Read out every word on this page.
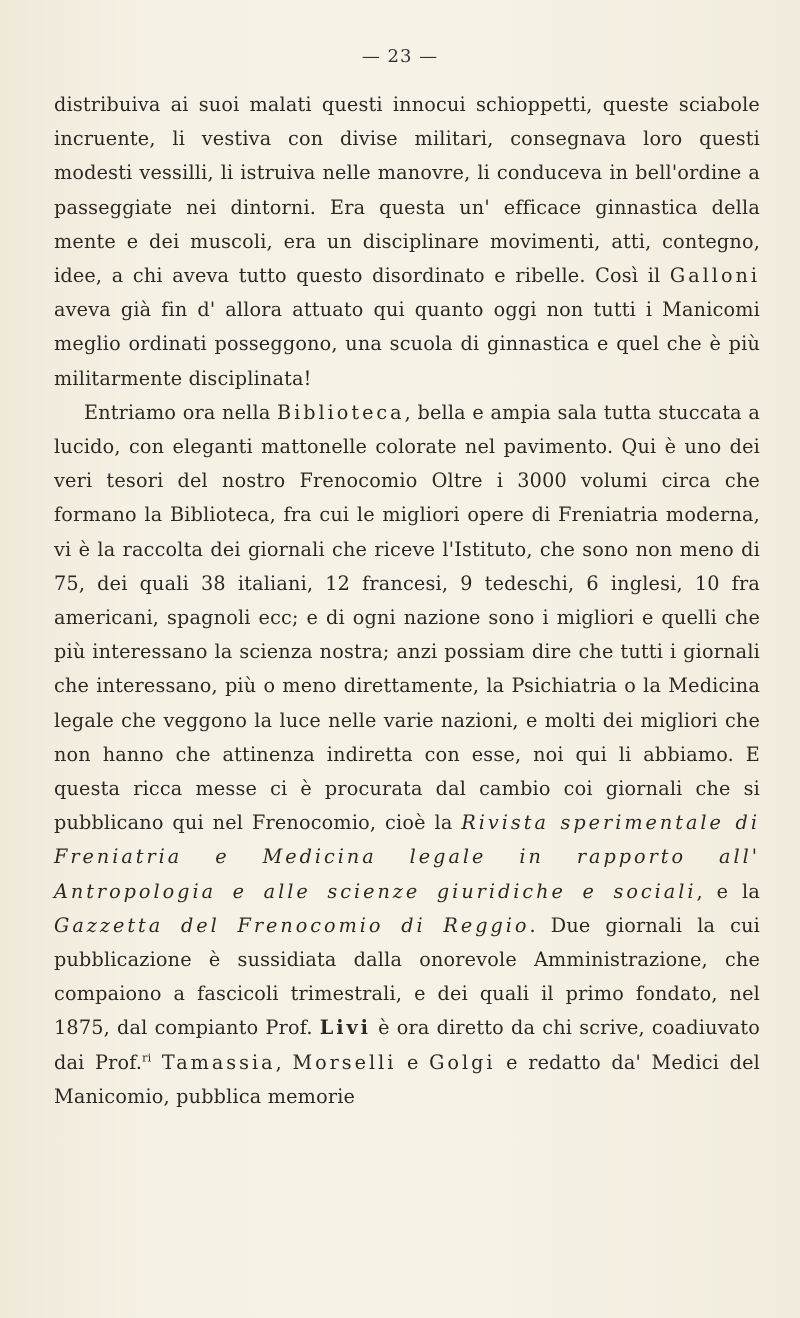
— 23 —

distribuiva ai suoi malati questi innocui schioppetti, queste sciabole incruente, li vestiva con divise militari, consegnava loro questi modesti vessilli, li istruiva nelle manovre, li conduceva in bell'ordine a passeggiate nei dintorni. Era questa un' efficace ginnastica della mente e dei muscoli, era un disciplinare movimenti, atti, contegno, idee, a chi aveva tutto questo disordinato e ribelle. Così il Galloni aveva già fin d' allora attuato qui quanto oggi non tutti i Manicomi meglio ordinati posseggono, una scuola di ginnastica e quel che è più militarmente disciplinata!

Entriamo ora nella Biblioteca, bella e ampia sala tutta stuccata a lucido, con eleganti mattonelle colorate nel pavimento. Qui è uno dei veri tesori del nostro Frenocomio Oltre i 3000 volumi circa che formano la Biblioteca, fra cui le migliori opere di Freniatria moderna, vi è la raccolta dei giornali che riceve l'Istituto, che sono non meno di 75, dei quali 38 italiani, 12 francesi, 9 tedeschi, 6 inglesi, 10 fra americani, spagnoli ecc; e di ogni nazione sono i migliori e quelli che più interessano la scienza nostra; anzi possiam dire che tutti i giornali che interessano, più o meno direttamente, la Psichiatria o la Medicina legale che veggono la luce nelle varie nazioni, e molti dei migliori che non hanno che attinenza indiretta con esse, noi qui li abbiamo. E questa ricca messe ci è procurata dal cambio coi giornali che si pubblicano qui nel Frenocomio, cioè la Rivista sperimentale di Freniatria e Medicina legale in rapporto all' Antropologia e alle scienze giuridiche e sociali, e la Gazzetta del Frenocomio di Reggio. Due giornali la cui pubblicazione è sussidiata dalla onorevole Amministrazione, che compaiono a fascicoli trimestrali, e dei quali il primo fondato, nel 1875, dal compianto Prof. Livi è ora diretto da chi scrive, coadiuvato dai Prof.$^{ri}$ Tamassia, Morselli e Golgi e redatto da' Medici del Manicomio, pubblica memorie
